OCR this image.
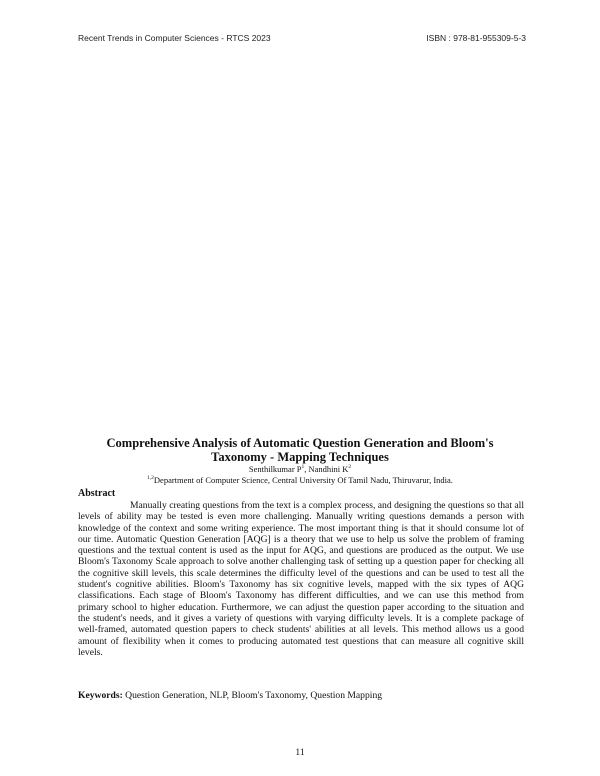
Recent Trends in Computer Sciences - RTCS 2023	ISBN : 978-81-955309-5-3
Comprehensive Analysis of Automatic Question Generation and Bloom's
Taxonomy - Mapping Techniques
Senthilkumar $P^1$, Nandhini $K^2$
$^{1,2}$Department of Computer Science, Central University Of Tamil Nadu, Thiruvarur, India.
Abstract

Manually creating questions from the text is a complex process, and designing the questions so that all levels of ability may be tested is even more challenging. Manually writing questions demands a person with knowledge of the context and some writing experience. The most important thing is that it should consume lot of our time. Automatic Question Generation [AQG] is a theory that we use to help us solve the problem of framing questions and the textual content is used as the input for AQG, and questions are produced as the output. We use Bloom's Taxonomy Scale approach to solve another challenging task of setting up a question paper for checking all the cognitive skill levels, this scale determines the difficulty level of the questions and can be used to test all the student's cognitive abilities. Bloom's Taxonomy has six cognitive levels, mapped with the six types of AQG classifications. Each stage of Bloom's Taxonomy has different difficulties, and we can use this method from primary school to higher education. Furthermore, we can adjust the question paper according to the situation and the student's needs, and it gives a variety of questions with varying difficulty levels. It is a complete package of well-framed, automated question papers to check students' abilities at all levels. This method allows us a good amount of flexibility when it comes to producing automated test questions that can measure all cognitive skill levels.

Keywords: Question Generation, NLP, Bloom's Taxonomy, Question Mapping
11
